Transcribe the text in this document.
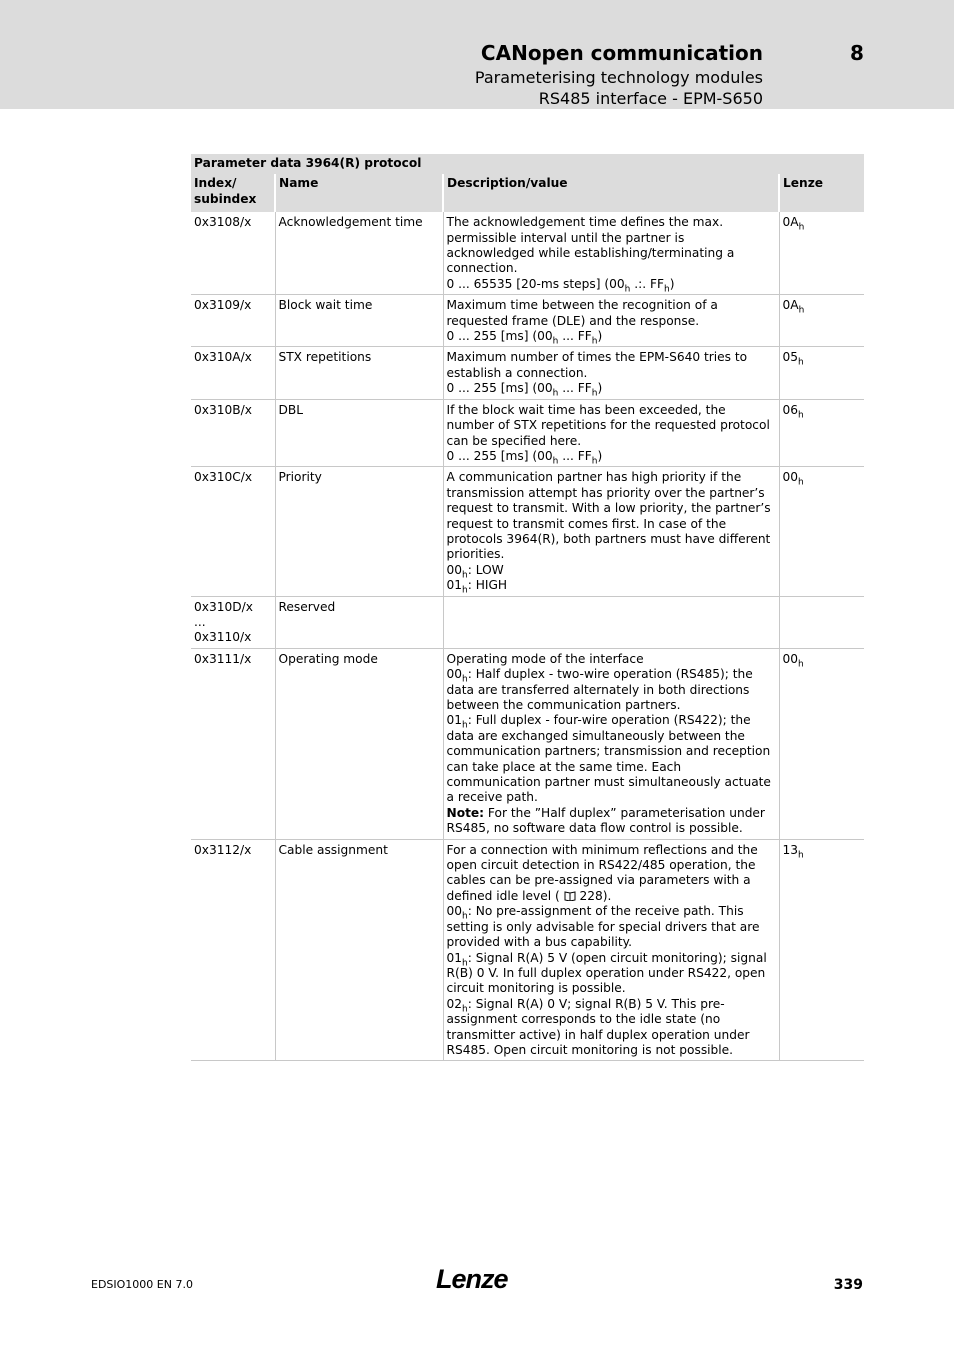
CANopen communication	8
Parameterising technology modules
RS485 interface - EPM-S650
Parameter data 3964(R) protocol			
Index/
subindex	Name	Description/value	Lenze
0x3108/x	Acknowledgement time	The acknowledgement time defines the max. permissible interval until the partner is acknowledged while establishing/terminating a connection.
0 ... 65535 [20-ms steps] ($00_h$ .:. $FF_h$)	$0A_h$
0x3109/x	Block wait time	Maximum time between the recognition of a requested frame (DLE) and the response.
0 ... 255 [ms] ($00_h$ ... $FF_h$)	$0A_h$
0x310A/x	STX repetitions	Maximum number of times the EPM-S640 tries to establish a connection.
0 ... 255 [ms] ($00_h$ ... $FF_h$)	$05_h$
0x310B/x	DBL	If the block wait time has been exceeded, the number of STX repetitions for the requested protocol can be specified here.
0 ... 255 [ms] ($00_h$ ... $FF_h$)	$06_h$
0x310C/x	Priority	A communication partner has high priority if the transmission attempt has priority over the partner’s request to transmit. With a low priority, the partner’s request to transmit comes first. In case of the protocols 3964(R), both partners must have different priorities.
$00_h$: LOW
$01_h$: HIGH	$00_h$
0x310D/x
...
0x3110/x	Reserved		
0x3111/x	Operating mode	Operating mode of the interface
$00_h$: Half duplex - two-wire operation (RS485); the data are transferred alternately in both directions between the communication partners.
$01_h$: Full duplex - four-wire operation (RS422); the data are exchanged simultaneously between the communication partners; transmission and reception can take place at the same time. Each communication partner must simultaneously actuate a receive path.
Note: For the ”Half duplex” parameterisation under RS485, no software data flow control is possible.	$00_h$
0x3112/x	Cable assignment	For a connection with minimum reflections and the open circuit detection in RS422/485 operation, the cables can be pre-assigned via parameters with a defined idle level (  228).
$00_h$: No pre-assignment of the receive path. This setting is only advisable for special drivers that are provided with a bus capability.
$01_h$: Signal R(A) 5 V (open circuit monitoring); signal R(B) 0 V. In full duplex operation under RS422, open circuit monitoring is possible.
$02_h$: Signal R(A) 0 V; signal R(B) 5 V. This pre-assignment corresponds to the idle state (no transmitter active) in half duplex operation under RS485. Open circuit monitoring is not possible.	$13_h$
EDSIO1000 EN 7.0	Lenze	339
